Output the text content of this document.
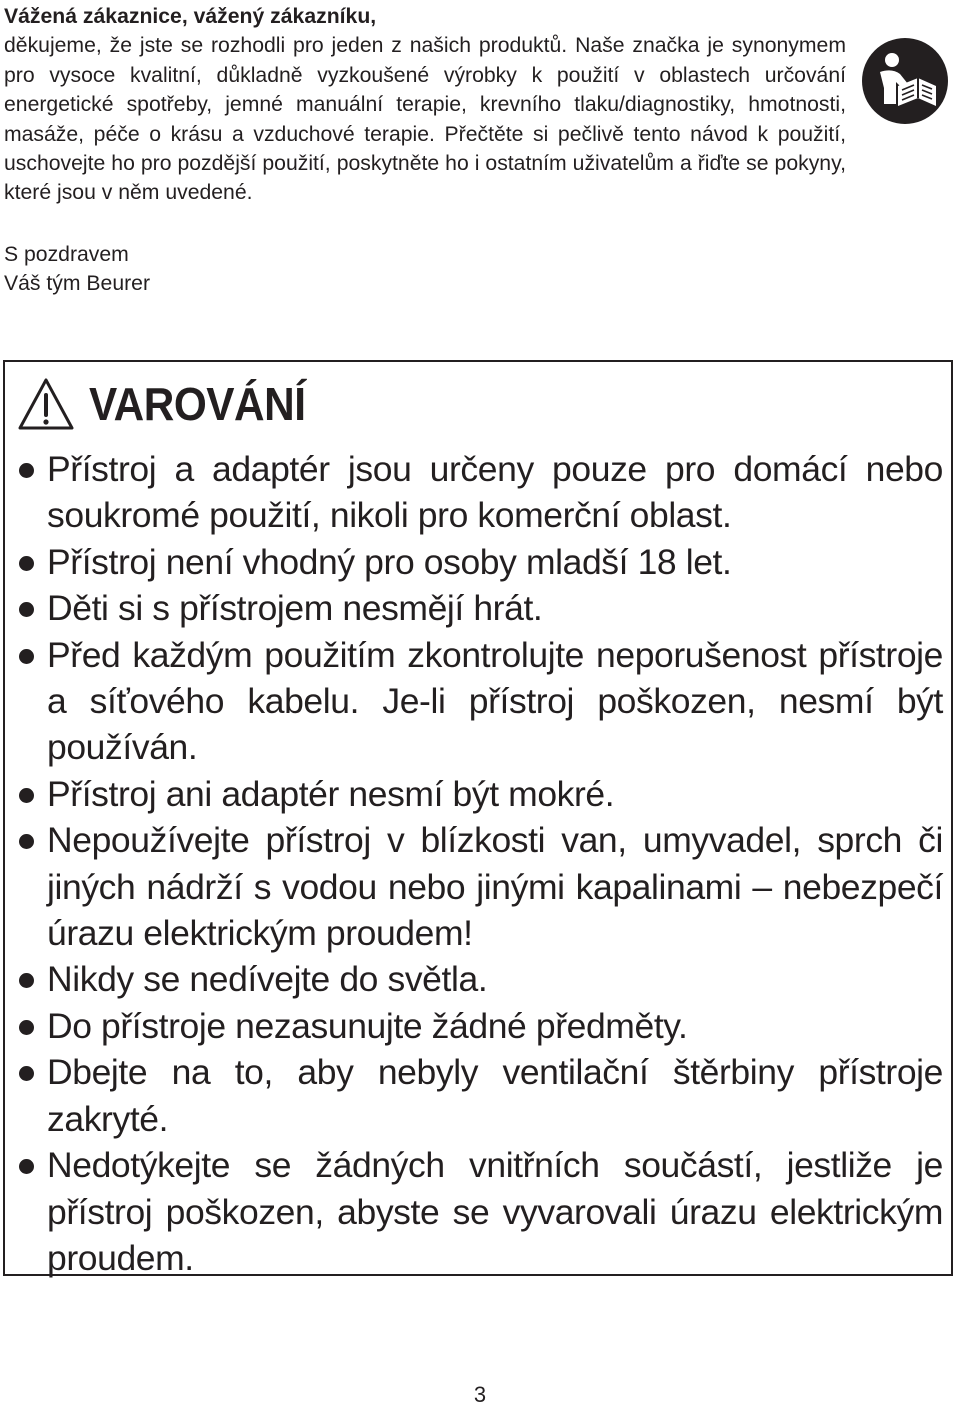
Vážená zákaznice, vážený zákazníku,

děkujeme, že jste se rozhodli pro jeden z našich produktů. Naše značka je synonymem pro vysoce kvalitní, důkladně vyzkoušené výrobky k použití v oblastech určování energetické spotřeby, jemné manuální terapie, krevního tlaku/diagnostiky, hmotnosti, masáže, péče o krásu a vzduchové terapie. Přečtěte si pečlivě tento návod k použití, uschovejte ho pro pozdější použití, poskytněte ho i ostatním uživatelům a řiďte se pokyny, které jsou v něm uvedené.

S pozdravem
Váš tým Beurer
VAROVÁNÍ
Přístroj a adaptér jsou určeny pouze pro domácí nebo soukromé použití, nikoli pro komerční oblast.
Přístroj není vhodný pro osoby mladší 18 let.
Děti si s přístrojem nesmějí hrát.
Před každým použitím zkontrolujte neporušenost přístroje a síťového kabelu. Je-li přístroj poškozen, nesmí být používán.
Přístroj ani adaptér nesmí být mokré.
Nepoužívejte přístroj v blízkosti van, umyvadel, sprch či jiných nádrží s vodou nebo jinými kapalinami – nebezpečí úrazu elektrickým proudem!
Nikdy se nedívejte do světla.
Do přístroje nezasunujte žádné předměty.
Dbejte na to, aby nebyly ventilační štěrbiny přístroje zakryté.
Nedotýkejte se žádných vnitřních součástí, jestliže je přístroj poškozen, abyste se vyvarovali úrazu elektrickým proudem.
3
